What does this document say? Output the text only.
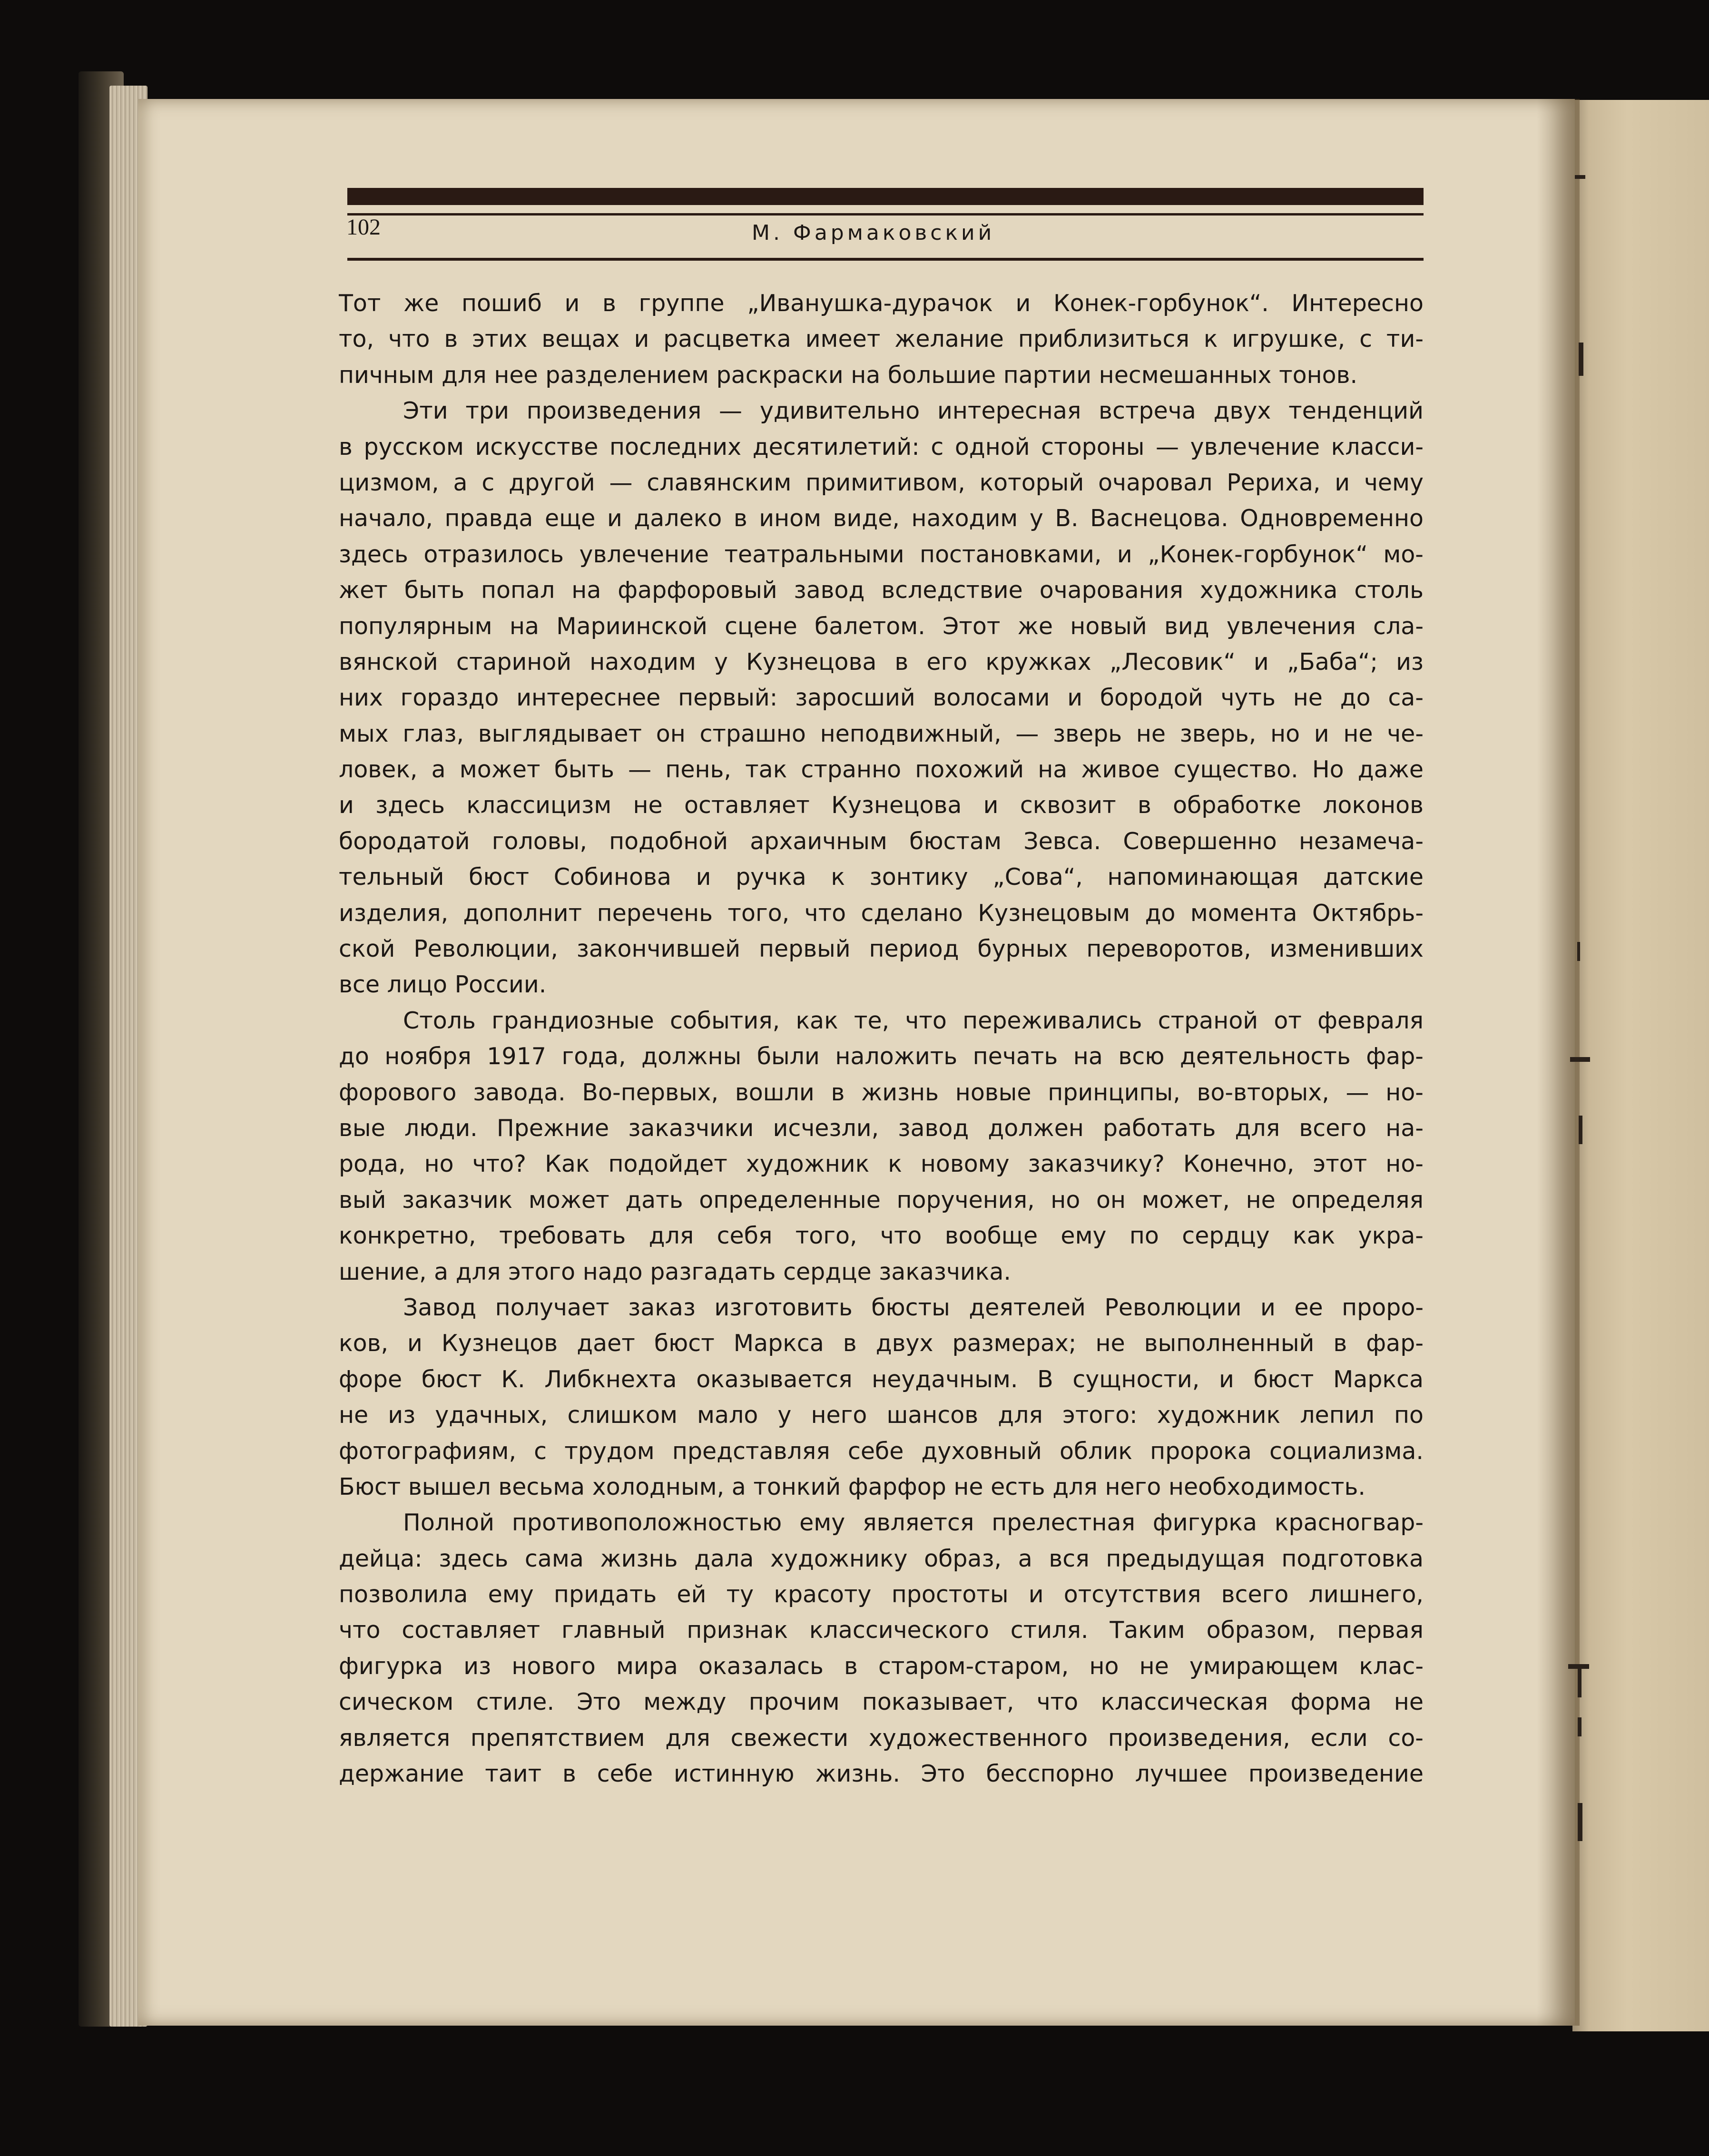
102	М. Фармаковский
Тот же пошиб и в группе „Иванушка-дурачок и Конек-горбунок“. Интересно
то, что в этих вещах и расцветка имеет желание приблизиться к игрушке, с ти-
пичным для нее разделением раскраски на большие партии несмешанных тонов.
Эти три произведения — удивительно интересная встреча двух тенденций
в русском искусстве последних десятилетий: с одной стороны — увлечение класси-
цизмом, а с другой — славянским примитивом, который очаровал Рериха, и чему
начало, правда еще и далеко в ином виде, находим у В. Васнецова. Одновременно
здесь отразилось увлечение театральными постановками, и „Конек-горбунок“ мо-
жет быть попал на фарфоровый завод вследствие очарования художника столь
популярным на Мариинской сцене балетом. Этот же новый вид увлечения сла-
вянской стариной находим у Кузнецова в его кружках „Лесовик“ и „Баба“; из
них гораздо интереснее первый: заросший волосами и бородой чуть не до са-
мых глаз, выглядывает он страшно неподвижный, — зверь не зверь, но и не че-
ловек, а может быть — пень, так странно похожий на живое существо. Но даже
и здесь классицизм не оставляет Кузнецова и сквозит в обработке локонов
бородатой головы, подобной архаичным бюстам Зевса. Совершенно незамеча-
тельный бюст Собинова и ручка к зонтику „Сова“, напоминающая датские
изделия, дополнит перечень того, что сделано Кузнецовым до момента Октябрь-
ской Революции, закончившей первый период бурных переворотов, изменивших
все лицо России.
Столь грандиозные события, как те, что переживались страной от февраля
до ноября 1917 года, должны были наложить печать на всю деятельность фар-
форового завода. Во-первых, вошли в жизнь новые принципы, во-вторых, — но-
вые люди. Прежние заказчики исчезли, завод должен работать для всего на-
рода, но что? Как подойдет художник к новому заказчику? Конечно, этот но-
вый заказчик может дать определенные поручения, но он может, не определяя
конкретно, требовать для себя того, что вообще ему по сердцу как укра-
шение, а для этого надо разгадать сердце заказчика.
Завод получает заказ изготовить бюсты деятелей Революции и ее проро-
ков, и Кузнецов дает бюст Маркса в двух размерах; не выполненный в фар-
форе бюст К. Либкнехта оказывается неудачным. В сущности, и бюст Маркса
не из удачных, слишком мало у него шансов для этого: художник лепил по
фотографиям, с трудом представляя себе духовный облик пророка социализма.
Бюст вышел весьма холодным, а тонкий фарфор не есть для него необходимость.
Полной противоположностью ему является прелестная фигурка красногвар-
дейца: здесь сама жизнь дала художнику образ, а вся предыдущая подготовка
позволила ему придать ей ту красоту простоты и отсутствия всего лишнего,
что составляет главный признак классического стиля. Таким образом, первая
фигурка из нового мира оказалась в старом-старом, но не умирающем клас-
сическом стиле. Это между прочим показывает, что классическая форма не
является препятствием для свежести художественного произведения, если со-
держание таит в себе истинную жизнь. Это бесспорно лучшее произведение
